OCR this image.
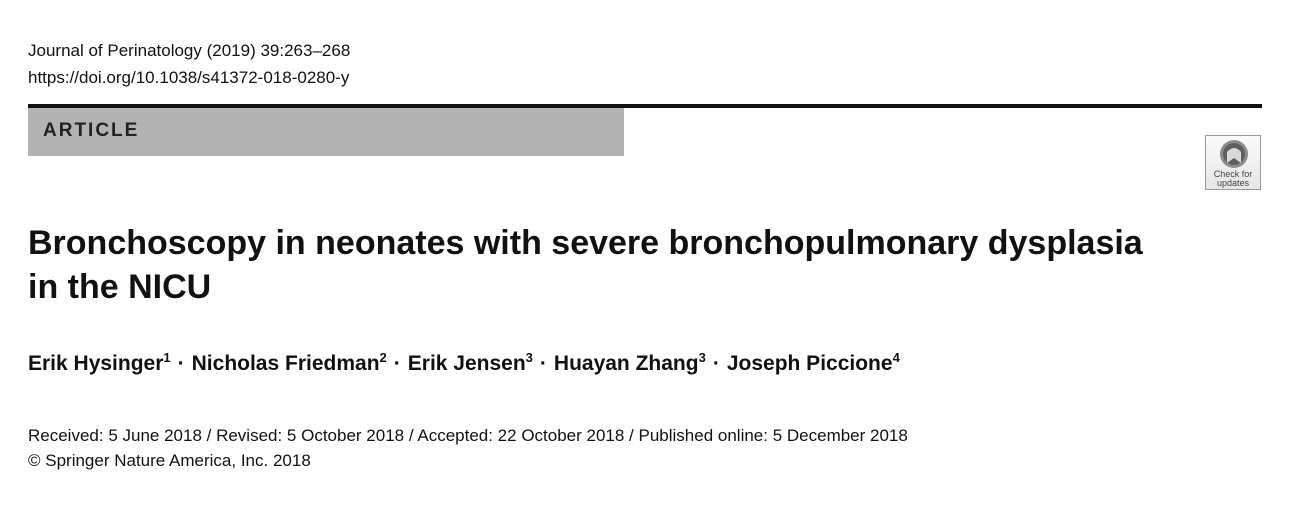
Journal of Perinatology (2019) 39:263–268
https://doi.org/10.1038/s41372-018-0280-y
ARTICLE
Check for
updates
Bronchoscopy in neonates with severe bronchopulmonary dysplasia in the NICU
Erik Hysinger$^1$ · Nicholas Friedman$^2$ · Erik Jensen$^3$ · Huayan Zhang$^3$ · Joseph Piccione$^4$
Received: 5 June 2018 / Revised: 5 October 2018 / Accepted: 22 October 2018 / Published online: 5 December 2018
© Springer Nature America, Inc. 2018
